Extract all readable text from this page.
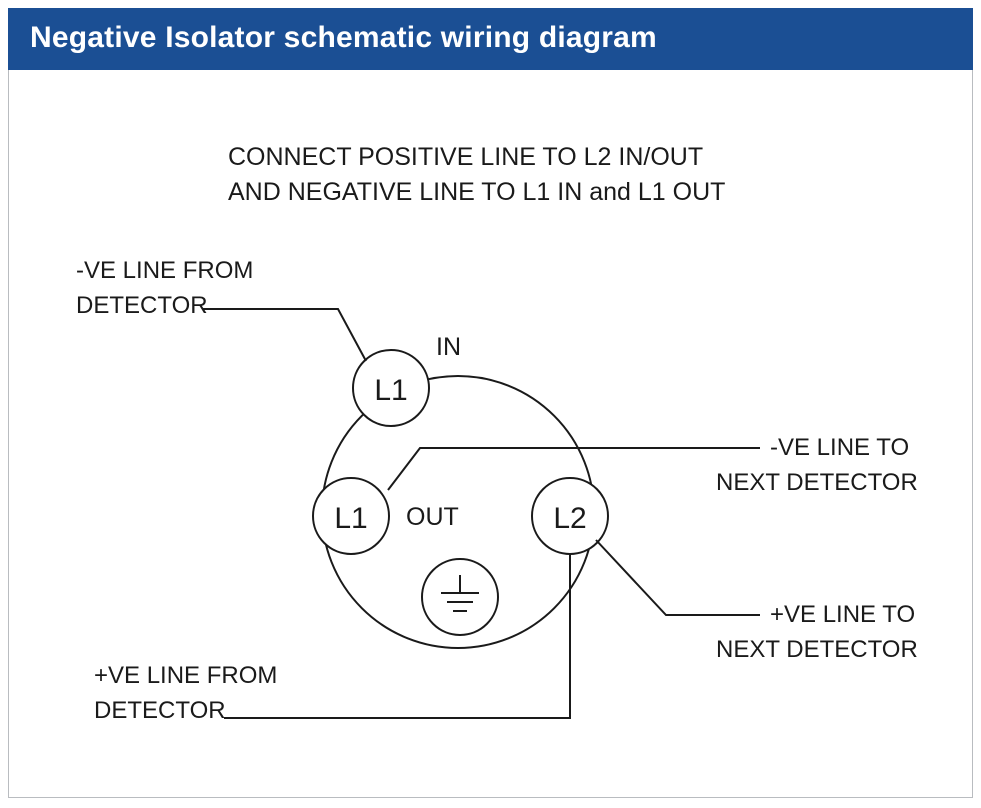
Negative Isolator schematic wiring diagram
CONNECT POSITIVE LINE TO L2 IN/OUT
AND NEGATIVE LINE TO L1 IN and L1 OUT
L1
IN
L1 OUT	L2
-VE LINE FROM
DETECTOR
-VE LINE TO
NEXT DETECTOR
+VE LINE TO
NEXT DETECTOR
+VE LINE FROM
DETECTOR
